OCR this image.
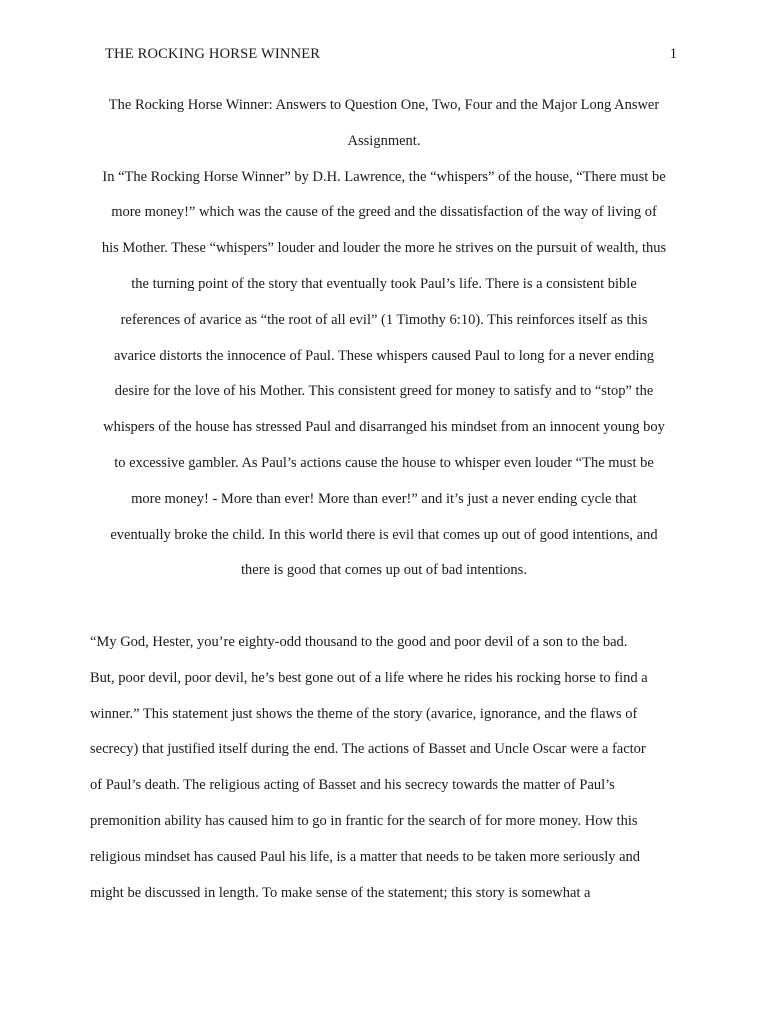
THE ROCKING HORSE WINNER	1
The Rocking Horse Winner: Answers to Question One, Two, Four and the Major Long Answer
Assignment.
In “The Rocking Horse Winner” by D.H. Lawrence, the “whispers” of the house, “There must be
more money!” which was the cause of the greed and the dissatisfaction of the way of living of
his Mother. These “whispers” louder and louder the more he strives on the pursuit of wealth, thus
the turning point of the story that eventually took Paul’s life. There is a consistent bible
references of avarice as “the root of all evil” (1 Timothy 6:10). This reinforces itself as this
avarice distorts the innocence of Paul. These whispers caused Paul to long for a never ending
desire for the love of his Mother. This consistent greed for money to satisfy and to “stop” the
whispers of the house has stressed Paul and disarranged his mindset from an innocent young boy
to excessive gambler. As Paul’s actions cause the house to whisper even louder “The must be
more money! - More than ever! More than ever!” and it’s just a never ending cycle that
eventually broke the child. In this world there is evil that comes up out of good intentions, and
there is good that comes up out of bad intentions.
“My God, Hester, you’re eighty-odd thousand to the good and poor devil of a son to the bad.
But, poor devil, poor devil, he’s best gone out of a life where he rides his rocking horse to find a
winner.” This statement just shows the theme of the story (avarice, ignorance, and the flaws of
secrecy) that justified itself during the end. The actions of Basset and Uncle Oscar were a factor
of Paul’s death. The religious acting of Basset and his secrecy towards the matter of Paul’s
premonition ability has caused him to go in frantic for the search of for more money. How this
religious mindset has caused Paul his life, is a matter that needs to be taken more seriously and
might be discussed in length. To make sense of the statement; this story is somewhat a
